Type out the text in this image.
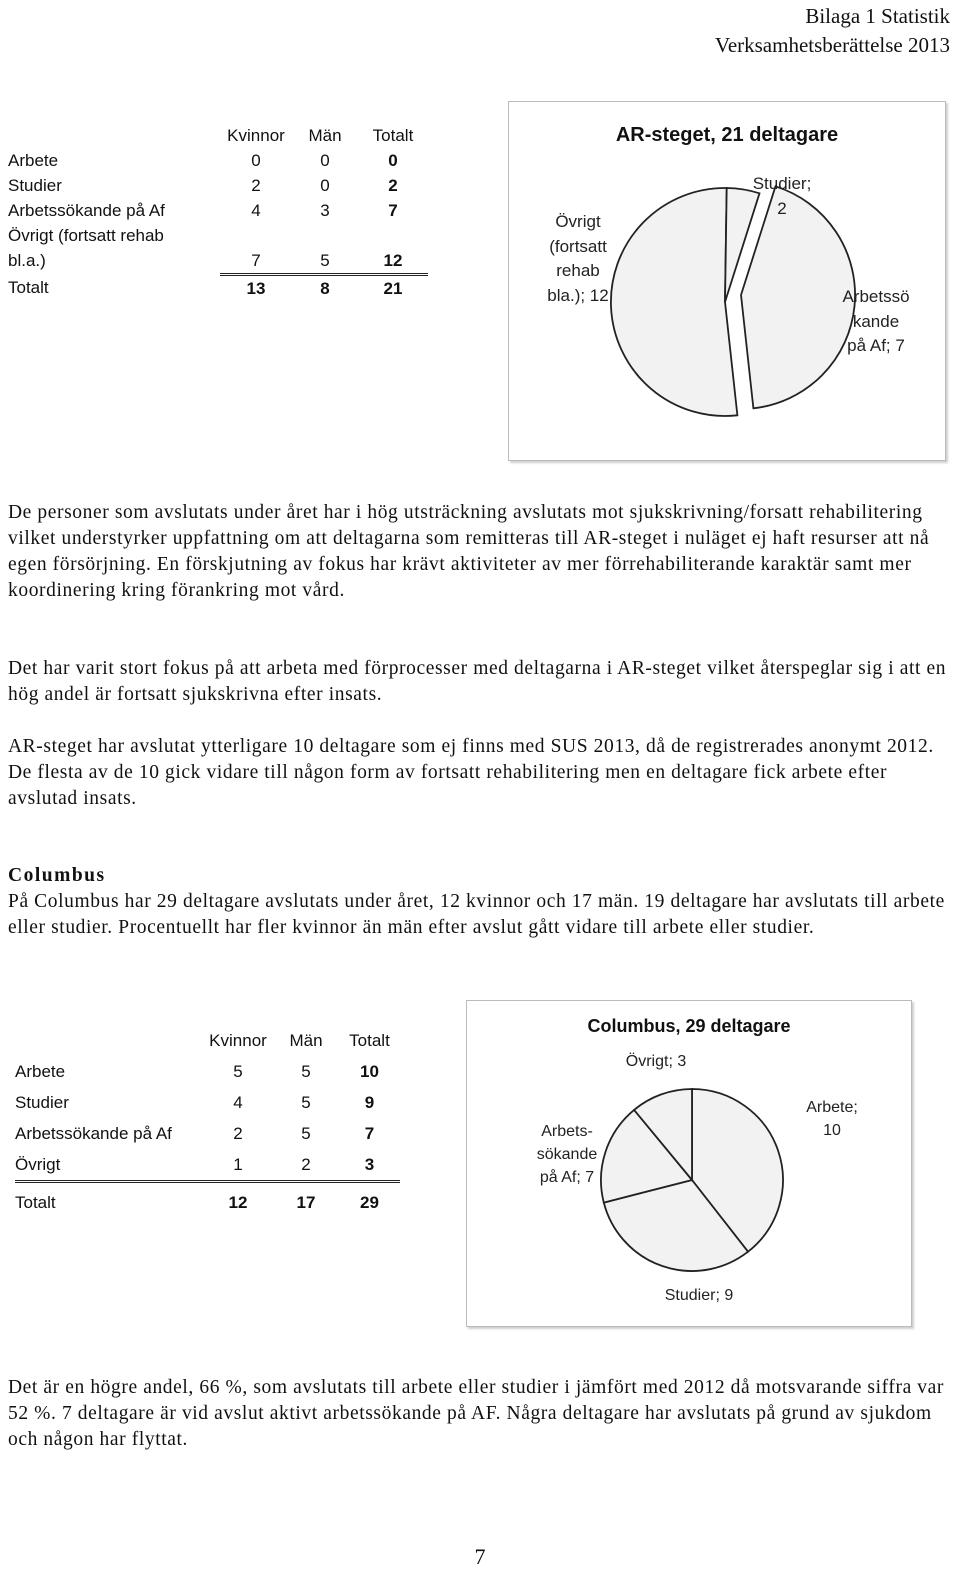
Bilaga 1 Statistik
Verksamhetsberättelse 2013
	Kvinnor	Män	Totalt
Arbete	0	0	0
Studier	2	0	2
Arbetssökande på Af	4	3	7
Övrigt (fortsatt rehab			
bl.a.)	7	5	12
Totalt	13	8	21
AR-steget, 21 deltagare
Övrigt
(fortsatt
rehab
bla.); 12
Studier;
2
Arbetssö
kande
på Af; 7

De personer som avslutats under året har i hög utsträckning avslutats mot sjukskrivning/forsatt rehabilitering vilket understyrker uppfattning om att deltagarna som remitteras till AR-steget i nuläget ej haft resurser att nå egen försörjning. En förskjutning av fokus har krävt aktiviteter av mer förrehabiliterande karaktär samt mer koordinering kring förankring mot vård.

Det har varit stort fokus på att arbeta med förprocesser med deltagarna i AR-steget vilket återspeglar sig i att en hög andel är fortsatt sjukskrivna efter insats.

AR-steget har avslutat ytterligare 10 deltagare som ej finns med SUS 2013, då de registrerades anonymt 2012. De flesta av de 10 gick vidare till någon form av fortsatt rehabilitering men en deltagare fick arbete efter avslutad insats.

Columbus

På Columbus har 29 deltagare avslutats under året, 12 kvinnor och 17 män. 19 deltagare har avslutats till arbete eller studier. Procentuellt har fler kvinnor än män efter avslut gått vidare till arbete eller studier.

	Kvinnor	Män	Totalt
Arbete	5	5	10
Studier	4	5	9
Arbetssökande på Af	2	5	7
Övrigt	1	2	3
Totalt	12	17	29
Columbus, 29 deltagare
Övrigt; 3
Arbete;
10
Arbets-
sökande
på Af; 7
Studier; 9

Det är en högre andel, 66 %, som avslutats till arbete eller studier i jämfört med 2012 då motsvarande siffra var 52 %. 7 deltagare är vid avslut aktivt arbetssökande på AF. Några deltagare har avslutats på grund av sjukdom och någon har flyttat.

7
